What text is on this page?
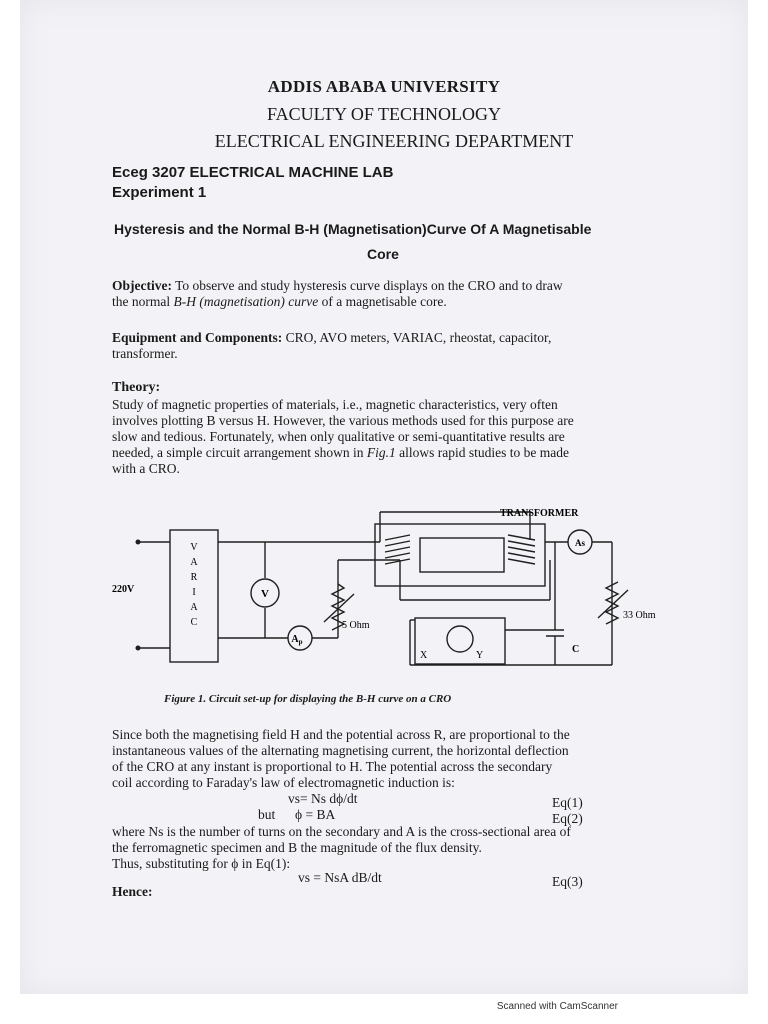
ADDIS ABABA UNIVERSITY
FACULTY OF TECHNOLOGY
ELECTRICAL ENGINEERING DEPARTMENT
Eceg 3207 ELECTRICAL MACHINE LAB
Experiment 1
Hysteresis and the Normal B-H (Magnetisation)Curve Of A Magnetisable
Core
Objective: To observe and study hysteresis curve displays on the CRO and to draw
the normal B-H (magnetisation) curve of a magnetisable core.
Equipment and Components: CRO, AVO meters, VARIAC, rheostat, capacitor,
transformer.
Theory:
Study of magnetic properties of materials, i.e., magnetic characteristics, very often
involves plotting B versus H. However, the various methods used for this purpose are
slow and tedious. Fortunately, when only qualitative or semi-quantitative results are
needed, a simple circuit arrangement shown in Fig.1 allows rapid studies to be made
with a CRO.
TRANSFORMER
220V
V
A
R
I
A
C
V
$A_p$
As
5 Ohm
33 Ohm
X	Y
C
Figure 1. Circuit set-up for displaying the B-H curve on a CRO
Since both the magnetising field H and the potential across R, are proportional to the
instantaneous values of the alternating magnetising current, the horizontal deflection
of the CRO at any instant is proportional to H. The potential across the secondary
coil according to Faraday's law of electromagnetic induction is:
vs= Ns dϕ/dt	Eq(1)
but ϕ = BA	Eq(2)
where Ns is the number of turns on the secondary and A is the cross-sectional area of
the ferromagnetic specimen and B the magnitude of the flux density.
Thus, substituting for ϕ in Eq(1):
vs = NsA dB/dt	Eq(3)
Hence:
Scanned with CamScanner
